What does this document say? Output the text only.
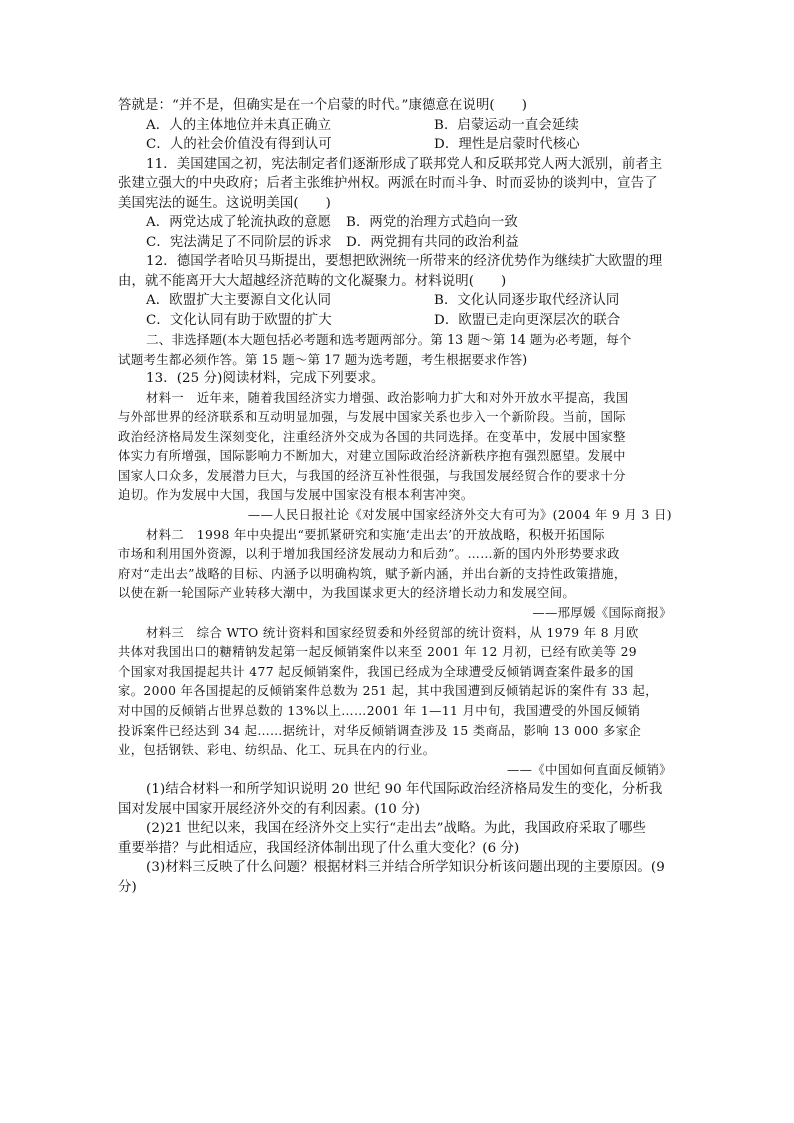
答就是：“并不是，但确实是在一个启蒙的时代。”康德意在说明(　　)
A．人的主体地位并未真正确立	B．启蒙运动一直会延续
C．人的社会价值没有得到认可	D．理性是启蒙时代核心
11．美国建国之初，宪法制定者们逐渐形成了联邦党人和反联邦党人两大派别，前者主
张建立强大的中央政府；后者主张维护州权。两派在时而斗争、时而妥协的谈判中，宣告了
美国宪法的诞生。这说明美国(　　)
A．两党达成了轮流执政的意愿	B．两党的治理方式趋向一致
C．宪法满足了不同阶层的诉求	D．两党拥有共同的政治利益
12．德国学者哈贝马斯提出，要想把欧洲统一所带来的经济优势作为继续扩大欧盟的理
由，就不能离开大大超越经济范畴的文化凝聚力。材料说明(　　)
A．欧盟扩大主要源自文化认同	B．文化认同逐步取代经济认同
C．文化认同有助于欧盟的扩大	D．欧盟已走向更深层次的联合
二、非选择题(本大题包括必考题和选考题两部分。第 13 题～第 14 题为必考题，每个
试题考生都必须作答。第 15 题～第 17 题为选考题，考生根据要求作答)
13．(25 分)阅读材料，完成下列要求。
材料一　近年来，随着我国经济实力增强、政治影响力扩大和对外开放水平提高，我国
与外部世界的经济联系和互动明显加强，与发展中国家关系也步入一个新阶段。当前，国际
政治经济格局发生深刻变化，注重经济外交成为各国的共同选择。在变革中，发展中国家整
体实力有所增强，国际影响力不断加大，对建立国际政治经济新秩序抱有强烈愿望。发展中
国家人口众多，发展潜力巨大，与我国的经济互补性很强，与我国发展经贸合作的要求十分
迫切。作为发展中大国，我国与发展中国家没有根本利害冲突。
——人民日报社论《对发展中国家经济外交大有可为》(2004 年 9 月 3 日)
材料二　1998 年中央提出“要抓紧研究和实施‘走出去’的开放战略，积极开拓国际
市场和利用国外资源，以利于增加我国经济发展动力和后劲”。……新的国内外形势要求政
府对“走出去”战略的目标、内涵予以明确构筑，赋予新内涵，并出台新的支持性政策措施，
以使在新一轮国际产业转移大潮中，为我国谋求更大的经济增长动力和发展空间。
——邢厚媛《国际商报》
材料三　综合 WTO 统计资料和国家经贸委和外经贸部的统计资料，从 1979 年 8 月欧
共体对我国出口的糖精钠发起第一起反倾销案件以来至 2001 年 12 月初，已经有欧美等 29
个国家对我国提起共计 477 起反倾销案件，我国已经成为全球遭受反倾销调查案件最多的国
家。2000 年各国提起的反倾销案件总数为 251 起，其中我国遭到反倾销起诉的案件有 33 起，
对中国的反倾销占世界总数的 13%以上……2001 年 1—11 月中旬，我国遭受的外国反倾销
投诉案件已经达到 34 起……据统计，对华反倾销调查涉及 15 类商品，影响 13 000 多家企
业，包括钢铁、彩电、纺织品、化工、玩具在内的行业。
——《中国如何直面反倾销》
(1)结合材料一和所学知识说明 20 世纪 90 年代国际政治经济格局发生的变化，分析我
国对发展中国家开展经济外交的有利因素。(10 分)
(2)21 世纪以来，我国在经济外交上实行“走出去”战略。为此，我国政府采取了哪些
重要举措？与此相适应，我国经济体制出现了什么重大变化？(6 分)
(3)材料三反映了什么问题？根据材料三并结合所学知识分析该问题出现的主要原因。(9
分)
